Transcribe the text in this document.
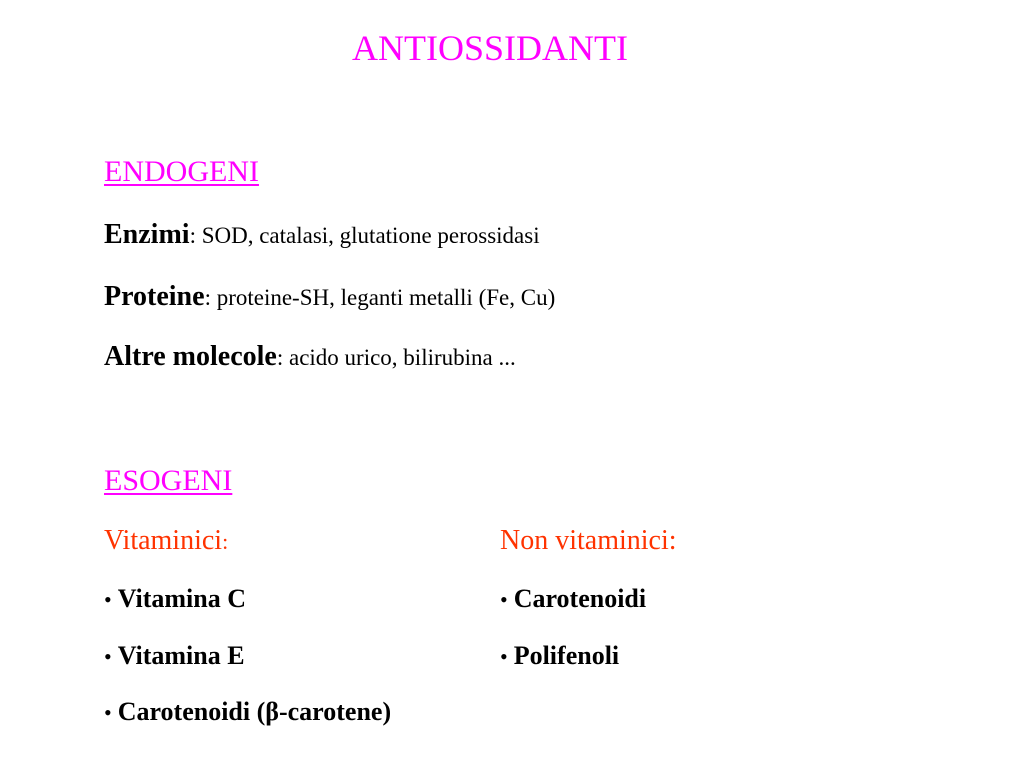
ANTIOSSIDANTI
ENDOGENI
Enzimi: SOD, catalasi, glutatione perossidasi
Proteine: proteine-SH, leganti metalli (Fe, Cu)
Altre molecole: acido urico, bilirubina ...
ESOGENI
Vitaminici:	Non vitaminici:
• Vitamina C
• Vitamina E
• Carotenoidi (β-carotene)
• Carotenoidi
• Polifenoli
